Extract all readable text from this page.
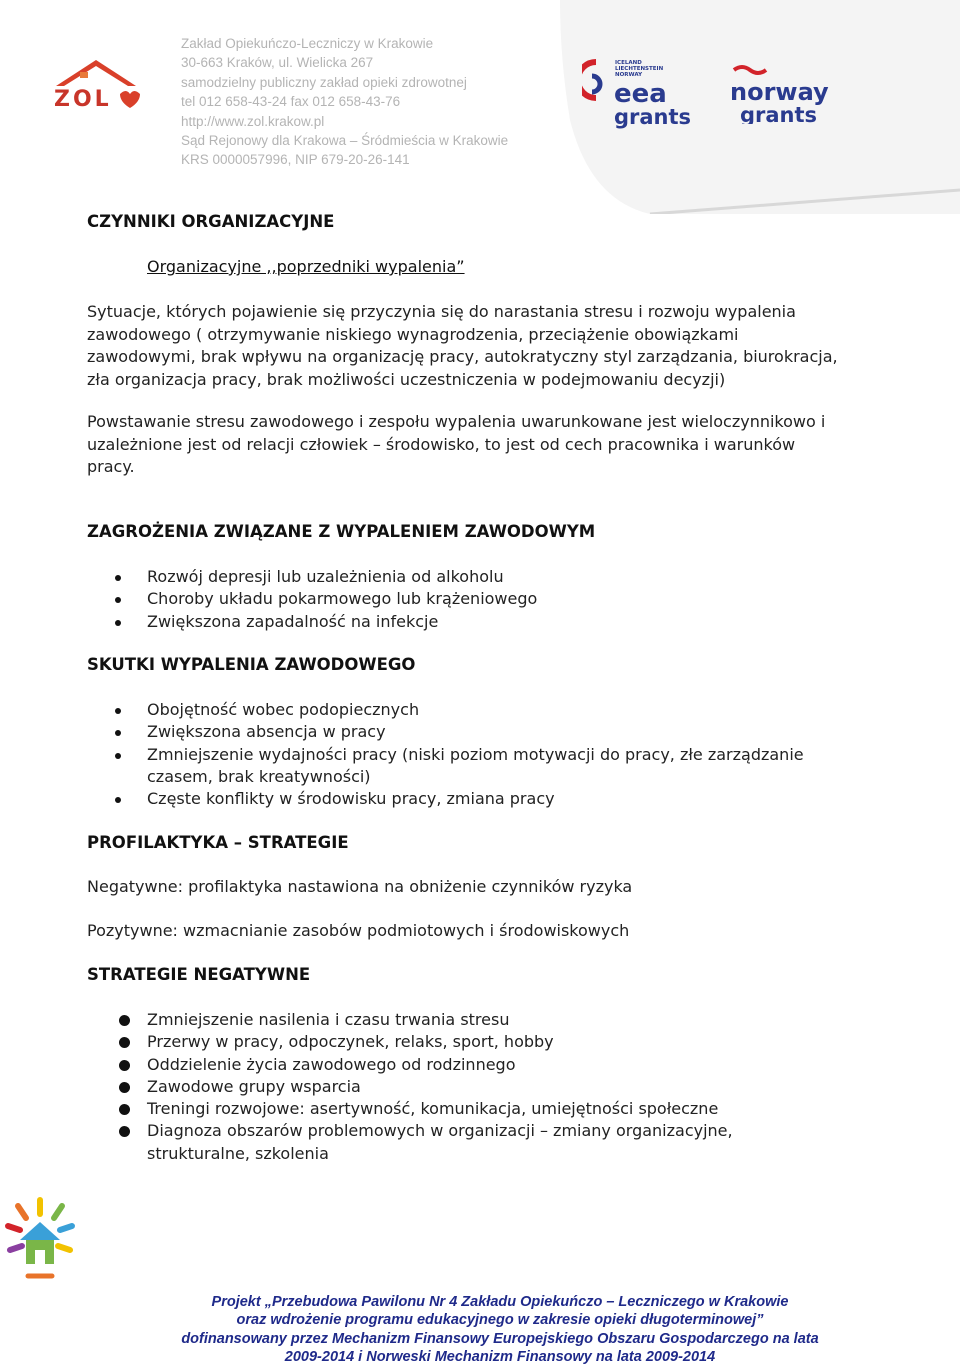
ZOL
Zakład Opiekuńczo-Leczniczy w Krakowie
30-663 Kraków, ul. Wielicka 267
samodzielny publiczny zakład opieki zdrowotnej
tel 012 658-43-24 fax 012 658-43-76
http://www.zol.krakow.pl
Sąd Rejonowy dla Krakowa – Śródmieścia w Krakowie
KRS 0000057996, NIP 679-20-26-141
ICELAND
LIECHTENSTEIN
NORWAY
eea
grants
norway
grants
CZYNNIKI ORGANIZACYJNE
Organizacyjne ,,poprzedniki wypalenia”
Sytuacje, których pojawienie się przyczynia się do narastania stresu i rozwoju wypalenia
zawodowego ( otrzymywanie niskiego wynagrodzenia, przeciążenie obowiązkami
zawodowymi, brak wpływu na organizację pracy, autokratyczny styl zarządzania, biurokracja,
zła organizacja pracy, brak możliwości uczestniczenia w podejmowaniu decyzji)
Powstawanie stresu zawodowego i zespołu wypalenia uwarunkowane jest wieloczynnikowo i
uzależnione jest od relacji człowiek – środowisko, to jest od cech pracownika i warunków
pracy.
ZAGROŻENIA ZWIĄZANE Z WYPALENIEM ZAWODOWYM
Rozwój depresji lub uzależnienia od alkoholu
Choroby układu pokarmowego lub krążeniowego
Zwiększona zapadalność na infekcje
SKUTKI WYPALENIA ZAWODOWEGO
Obojętność wobec podopiecznych
Zwiększona absencja w pracy
Zmniejszenie wydajności pracy (niski poziom motywacji do pracy, złe zarządzanie
czasem, brak kreatywności)
Częste konflikty w środowisku pracy, zmiana pracy
PROFILAKTYKA – STRATEGIE
Negatywne: profilaktyka nastawiona na obniżenie czynników ryzyka
Pozytywne: wzmacnianie zasobów podmiotowych i środowiskowych
STRATEGIE NEGATYWNE
Zmniejszenie nasilenia i czasu trwania stresu
Przerwy w pracy, odpoczynek, relaks, sport, hobby
Oddzielenie życia zawodowego od rodzinnego
Zawodowe grupy wsparcia
Treningi rozwojowe: asertywność, komunikacja, umiejętności społeczne
Diagnoza obszarów problemowych w organizacji – zmiany organizacyjne,
strukturalne, szkolenia
Projekt „Przebudowa Pawilonu Nr 4 Zakładu Opiekuńczo – Leczniczego w Krakowie
oraz wdrożenie programu edukacyjnego w zakresie opieki długoterminowej”
dofinansowany przez Mechanizm Finansowy Europejskiego Obszaru Gospodarczego na lata
2009-2014 i Norweski Mechanizm Finansowy na lata 2009-2014
